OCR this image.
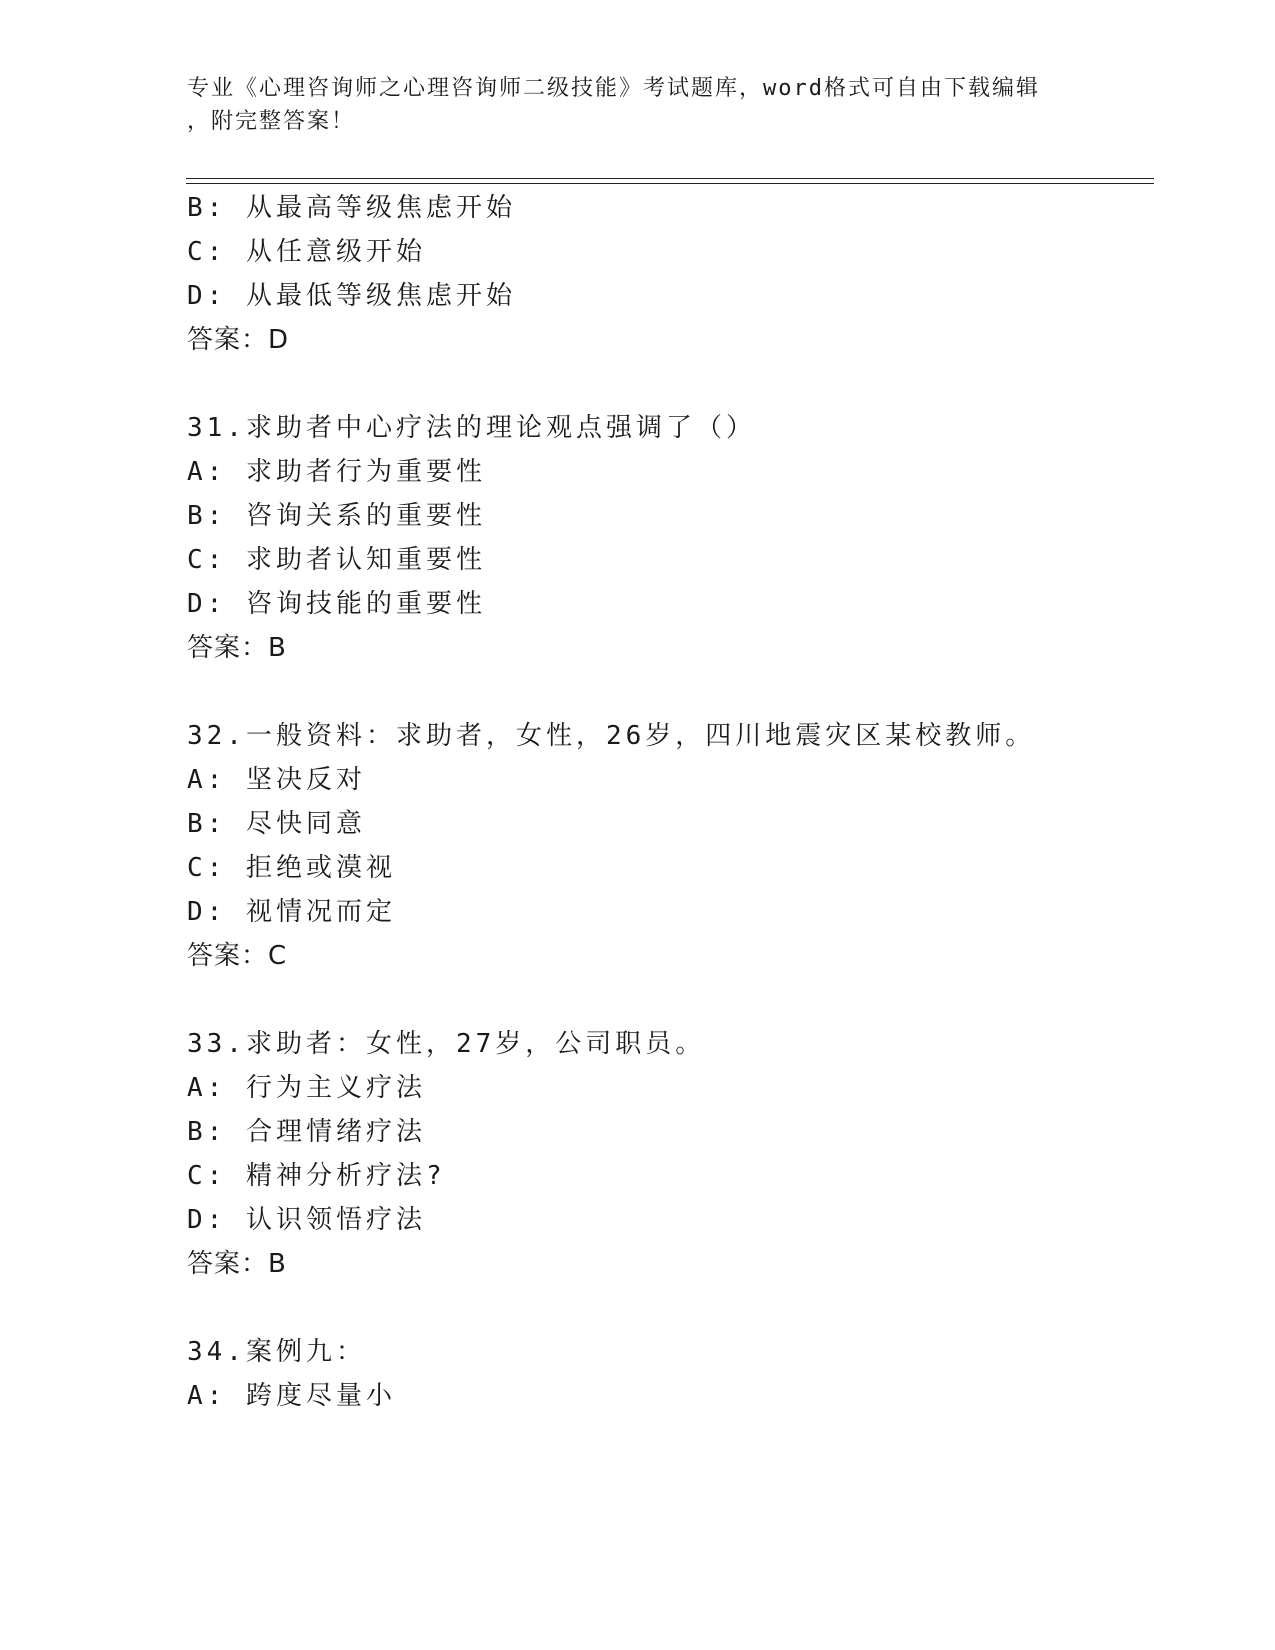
专业《心理咨询师之心理咨询师二级技能》考试题库，word格式可自由下载编辑
，附完整答案！
B: 从最高等级焦虑开始
C: 从任意级开始
D: 从最低等级焦虑开始
答案：D
31.求助者中心疗法的理论观点强调了（）
A: 求助者行为重要性
B: 咨询关系的重要性
C: 求助者认知重要性
D: 咨询技能的重要性
答案：B
32.一般资料：求助者，女性，26岁，四川地震灾区某校教师。
A: 坚决反对
B: 尽快同意
C: 拒绝或漠视
D: 视情况而定
答案：C
33.求助者：女性，27岁，公司职员。
A: 行为主义疗法
B: 合理情绪疗法
C: 精神分析疗法?
D: 认识领悟疗法
答案：B
34.案例九：
A: 跨度尽量小
